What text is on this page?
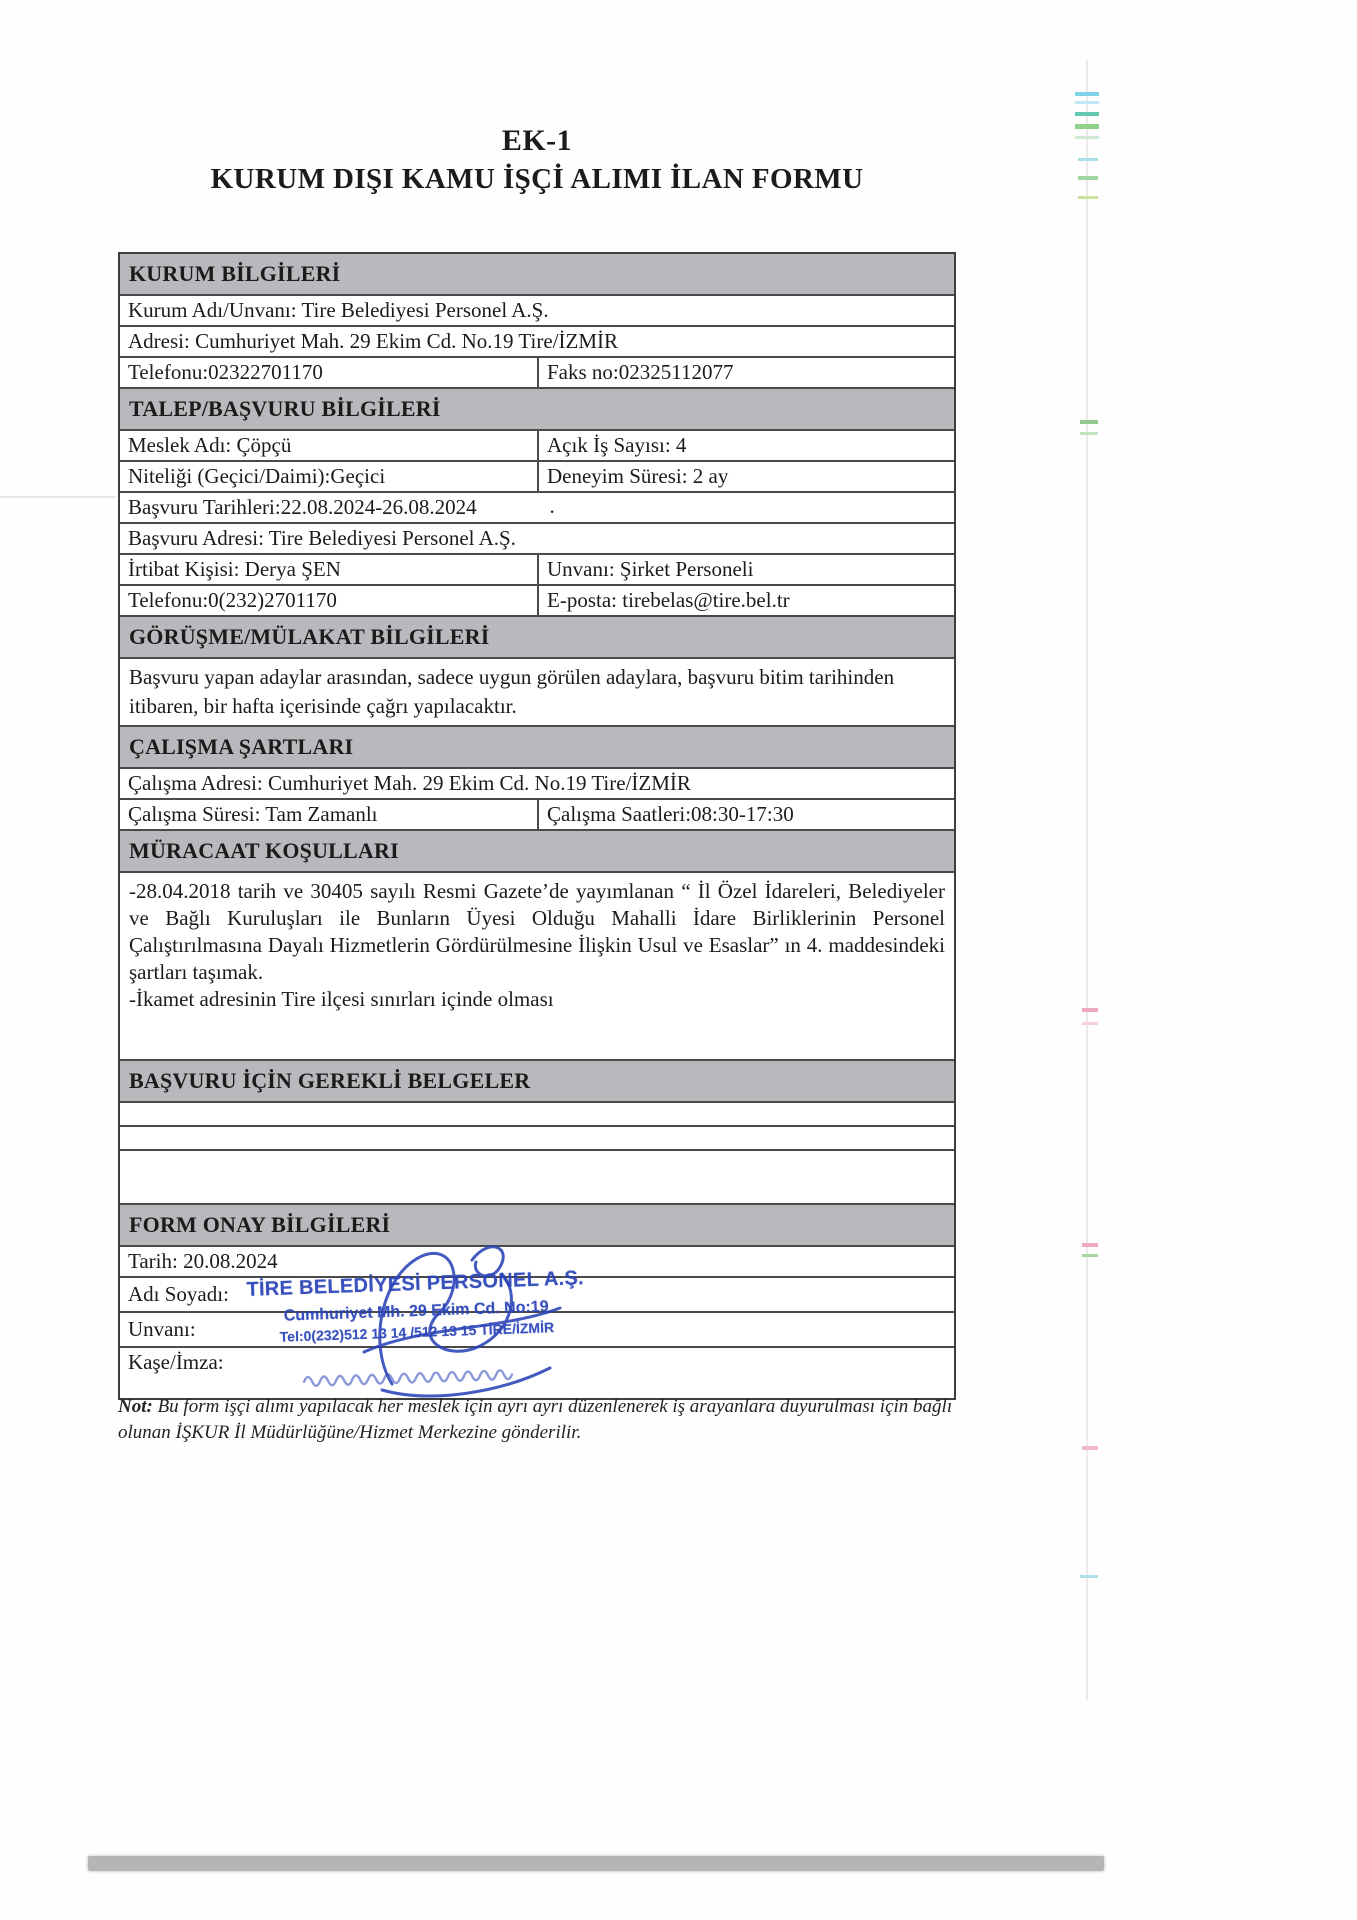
EK-1
KURUM DIŞI KAMU İŞÇİ ALIMI İLAN FORMU
KURUM BİLGİLERİ
Kurum Adı/Unvanı: Tire Belediyesi Personel A.Ş.
Adresi: Cumhuriyet Mah. 29 Ekim Cd. No.19 Tire/İZMİR
Telefonu:02322701170	Faks no:02325112077
TALEP/BAŞVURU BİLGİLERİ
Meslek Adı: Çöpçü	Açık İş Sayısı: 4
Niteliği (Geçici/Daimi):Geçici	Deneyim Süresi: 2 ay
Başvuru Tarihleri:22.08.2024-26.08.2024	.
Başvuru Adresi: Tire Belediyesi Personel A.Ş.
İrtibat Kişisi: Derya ŞEN	Unvanı: Şirket Personeli
Telefonu:0(232)2701170	E-posta: tirebelas@tire.bel.tr
GÖRÜŞME/MÜLAKAT BİLGİLERİ
Başvuru yapan adaylar arasından, sadece uygun görülen adaylara, başvuru bitim tarihinden itibaren, bir hafta içerisinde çağrı yapılacaktır.
ÇALIŞMA ŞARTLARI
Çalışma Adresi: Cumhuriyet Mah. 29 Ekim Cd. No.19 Tire/İZMİR
Çalışma Süresi: Tam Zamanlı	Çalışma Saatleri:08:30-17:30
MÜRACAAT KOŞULLARI
-28.04.2018 tarih ve 30405 sayılı Resmi Gazete’de yayımlanan “ İl Özel İdareleri, Belediyeler ve Bağlı Kuruluşları ile Bunların Üyesi Olduğu Mahalli İdare Birliklerinin Personel Çalıştırılmasına Dayalı Hizmetlerin Gördürülmesine İlişkin Usul ve Esaslar” ın 4. maddesindeki şartları taşımak.
-İkamet adresinin Tire ilçesi sınırları içinde olması
BAŞVURU İÇİN GEREKLİ BELGELER
FORM ONAY BİLGİLERİ
Tarih: 20.08.2024
Adı Soyadı:
Unvanı:
Kaşe/İmza:
TİRE BELEDİYESİ PERSONEL A.Ş.
Cumhuriyet Mh. 29 Ekim Cd. No:19
Tel:0(232)512 13 14 /512 13 15 TİRE/İZMİR
Not: Bu form işçi alımı yapılacak her meslek için ayrı ayrı düzenlenerek iş arayanlara duyurulması için bağlı olunan İŞKUR İl Müdürlüğüne/Hizmet Merkezine gönderilir.
